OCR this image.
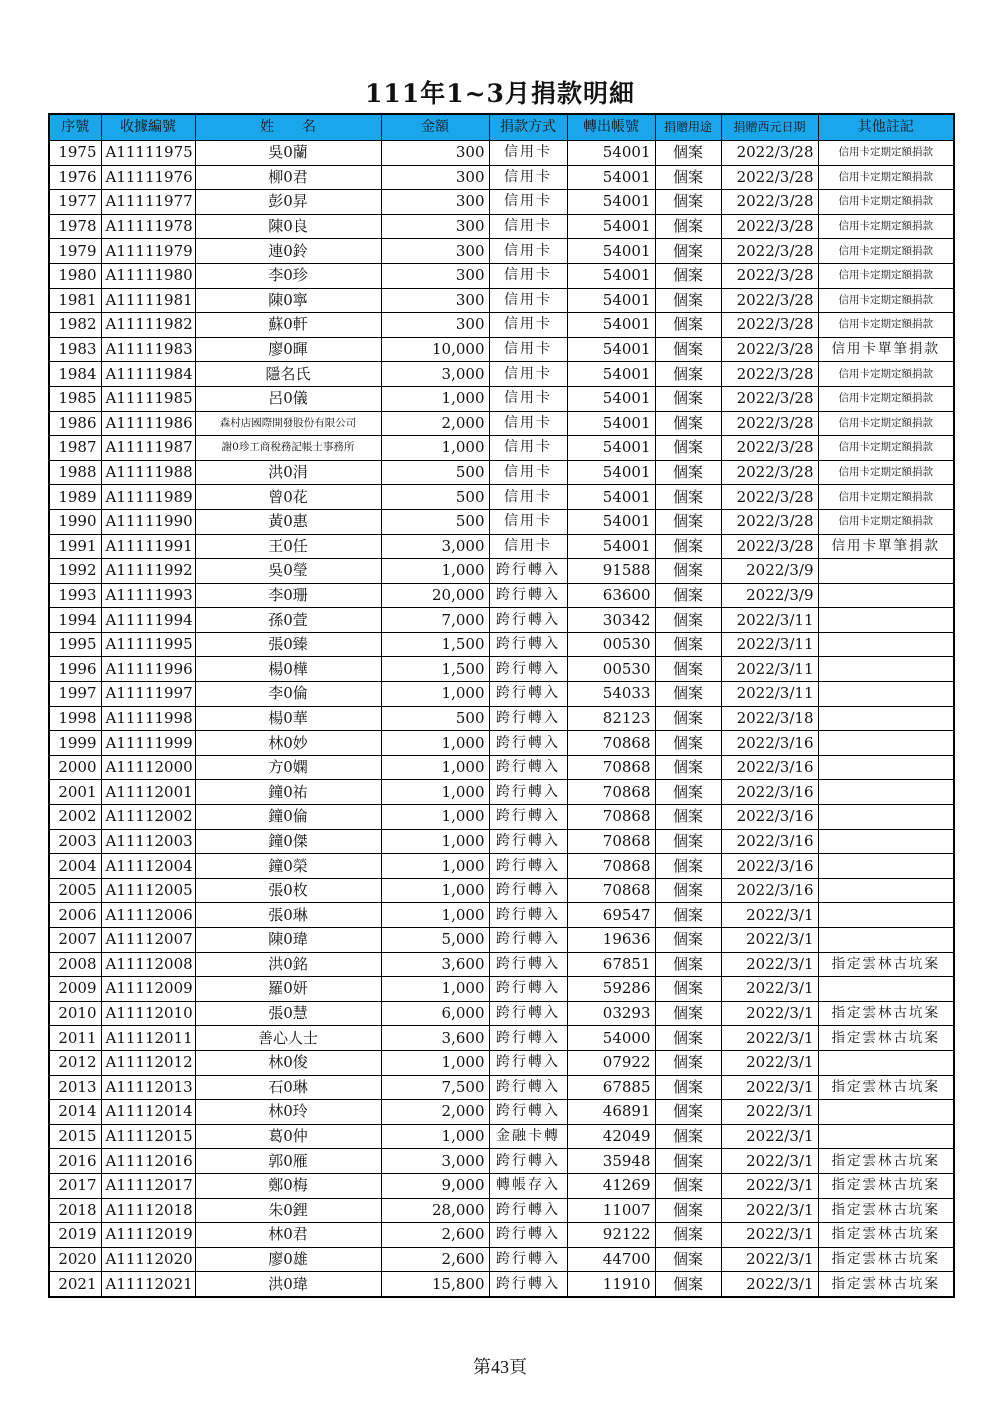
111年1~3月捐款明細
序號	收據編號	姓　　名	金額	捐款方式	轉出帳號	捐贈用途	捐贈西元日期	其他註記
1975	A11111975	吳0蘭	300	信用卡	54001	個案	2022/3/28	信用卡定期定額捐款
1976	A11111976	柳0君	300	信用卡	54001	個案	2022/3/28	信用卡定期定額捐款
1977	A11111977	彭0昇	300	信用卡	54001	個案	2022/3/28	信用卡定期定額捐款
1978	A11111978	陳0良	300	信用卡	54001	個案	2022/3/28	信用卡定期定額捐款
1979	A11111979	連0鈴	300	信用卡	54001	個案	2022/3/28	信用卡定期定額捐款
1980	A11111980	李0珍	300	信用卡	54001	個案	2022/3/28	信用卡定期定額捐款
1981	A11111981	陳0寧	300	信用卡	54001	個案	2022/3/28	信用卡定期定額捐款
1982	A11111982	蘇0軒	300	信用卡	54001	個案	2022/3/28	信用卡定期定額捐款
1983	A11111983	廖0暉	10,000	信用卡	54001	個案	2022/3/28	信用卡單筆捐款
1984	A11111984	隱名氏	3,000	信用卡	54001	個案	2022/3/28	信用卡定期定額捐款
1985	A11111985	呂0儀	1,000	信用卡	54001	個案	2022/3/28	信用卡定期定額捐款
1986	A11111986	森村店國際開發股份有限公司	2,000	信用卡	54001	個案	2022/3/28	信用卡定期定額捐款
1987	A11111987	謝0珍工商稅務記帳士事務所	1,000	信用卡	54001	個案	2022/3/28	信用卡定期定額捐款
1988	A11111988	洪0涓	500	信用卡	54001	個案	2022/3/28	信用卡定期定額捐款
1989	A11111989	曾0花	500	信用卡	54001	個案	2022/3/28	信用卡定期定額捐款
1990	A11111990	黃0惠	500	信用卡	54001	個案	2022/3/28	信用卡定期定額捐款
1991	A11111991	王0任	3,000	信用卡	54001	個案	2022/3/28	信用卡單筆捐款
1992	A11111992	吳0瑩	1,000	跨行轉入	91588	個案	2022/3/9	
1993	A11111993	李0珊	20,000	跨行轉入	63600	個案	2022/3/9	
1994	A11111994	孫0萱	7,000	跨行轉入	30342	個案	2022/3/11	
1995	A11111995	張0臻	1,500	跨行轉入	00530	個案	2022/3/11	
1996	A11111996	楊0樺	1,500	跨行轉入	00530	個案	2022/3/11	
1997	A11111997	李0倫	1,000	跨行轉入	54033	個案	2022/3/11	
1998	A11111998	楊0華	500	跨行轉入	82123	個案	2022/3/18	
1999	A11111999	林0妙	1,000	跨行轉入	70868	個案	2022/3/16	
2000	A11112000	方0嫻	1,000	跨行轉入	70868	個案	2022/3/16	
2001	A11112001	鐘0祐	1,000	跨行轉入	70868	個案	2022/3/16	
2002	A11112002	鐘0倫	1,000	跨行轉入	70868	個案	2022/3/16	
2003	A11112003	鐘0傑	1,000	跨行轉入	70868	個案	2022/3/16	
2004	A11112004	鐘0榮	1,000	跨行轉入	70868	個案	2022/3/16	
2005	A11112005	張0枚	1,000	跨行轉入	70868	個案	2022/3/16	
2006	A11112006	張0琳	1,000	跨行轉入	69547	個案	2022/3/1	
2007	A11112007	陳0瑋	5,000	跨行轉入	19636	個案	2022/3/1	
2008	A11112008	洪0銘	3,600	跨行轉入	67851	個案	2022/3/1	指定雲林古坑案
2009	A11112009	羅0妍	1,000	跨行轉入	59286	個案	2022/3/1	
2010	A11112010	張0慧	6,000	跨行轉入	03293	個案	2022/3/1	指定雲林古坑案
2011	A11112011	善心人士	3,600	跨行轉入	54000	個案	2022/3/1	指定雲林古坑案
2012	A11112012	林0俊	1,000	跨行轉入	07922	個案	2022/3/1	
2013	A11112013	石0琳	7,500	跨行轉入	67885	個案	2022/3/1	指定雲林古坑案
2014	A11112014	林0玲	2,000	跨行轉入	46891	個案	2022/3/1	
2015	A11112015	葛0仲	1,000	金融卡轉	42049	個案	2022/3/1	
2016	A11112016	郭0雁	3,000	跨行轉入	35948	個案	2022/3/1	指定雲林古坑案
2017	A11112017	鄭0梅	9,000	轉帳存入	41269	個案	2022/3/1	指定雲林古坑案
2018	A11112018	朱0鋰	28,000	跨行轉入	11007	個案	2022/3/1	指定雲林古坑案
2019	A11112019	林0君	2,600	跨行轉入	92122	個案	2022/3/1	指定雲林古坑案
2020	A11112020	廖0雄	2,600	跨行轉入	44700	個案	2022/3/1	指定雲林古坑案
2021	A11112021	洪0瑋	15,800	跨行轉入	11910	個案	2022/3/1	指定雲林古坑案
第43頁
